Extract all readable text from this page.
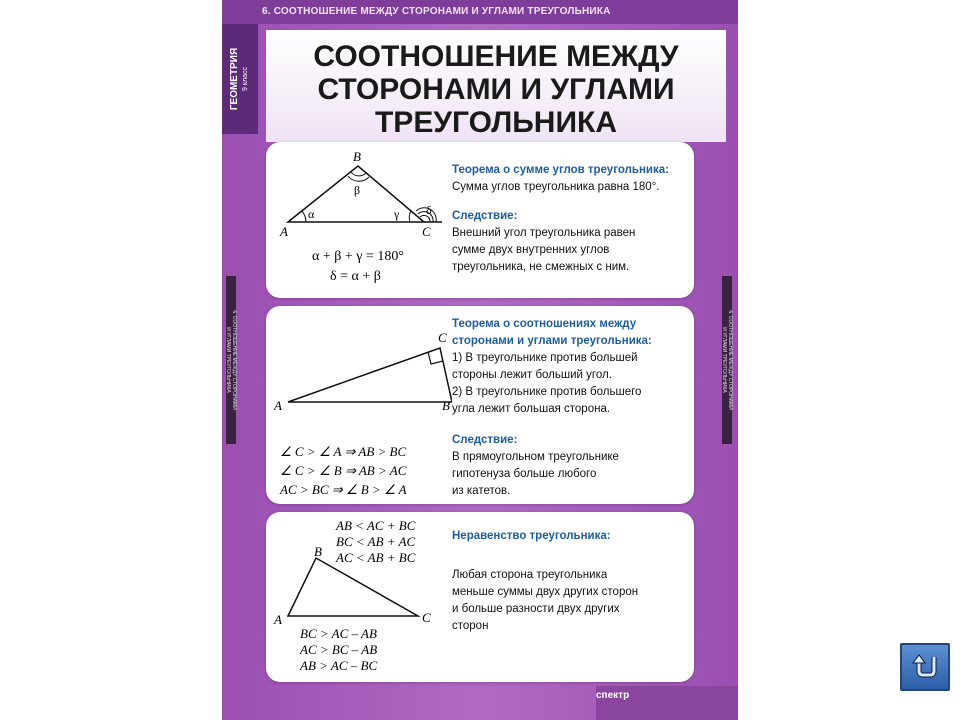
6. СООТНОШЕНИЕ МЕЖДУ СТОРОНАМИ И УГЛАМИ ТРЕУГОЛЬНИКА
ГЕОМЕТРИЯ 9 класс
СООТНОШЕНИЕ МЕЖДУ
СТОРОНАМИ И УГЛАМИ
ТРЕУГОЛЬНИКА
A
B
C
α
β
γ δ
α + β + γ = 180°
δ = α + β
Теорема о сумме углов треугольника:
Сумма углов треугольника равна 180°.
Следствие:
Внешний угол треугольника равен
сумме двух внутренних углов
треугольника, не смежных с ним.
A
C
B
∠ C > ∠ A ⇒ AB > BC
∠ C > ∠ B ⇒ AB > AC
AC > BC ⇒ ∠ B > ∠ A
Теорема о соотношениях между
сторонами и углами треугольника:
1) В треугольнике против большей
стороны лежит больший угол.
2) В треугольнике против большего
угла лежит большая сторона.
Следствие:
В прямоугольном треугольнике
гипотенуза больше любого
из катетов.
AB < AC + BC
BC < AB + AC
AC < AB + BC
A
B
C
BC > AC – AB
AC > BC – AB
AB > AC – BC
Неравенство треугольника:
Любая сторона треугольника
меньше суммы двух других сторон
и больше разности двух других
сторон
спектр
6. СООТНОШЕНИЕ МЕЖДУ СТОРОНАМИ
И УГЛАМИ ТРЕУГОЛЬНИКА	6. СООТНОШЕНИЕ МЕЖДУ СТОРОНАМИ
И УГЛАМИ ТРЕУГОЛЬНИКА
